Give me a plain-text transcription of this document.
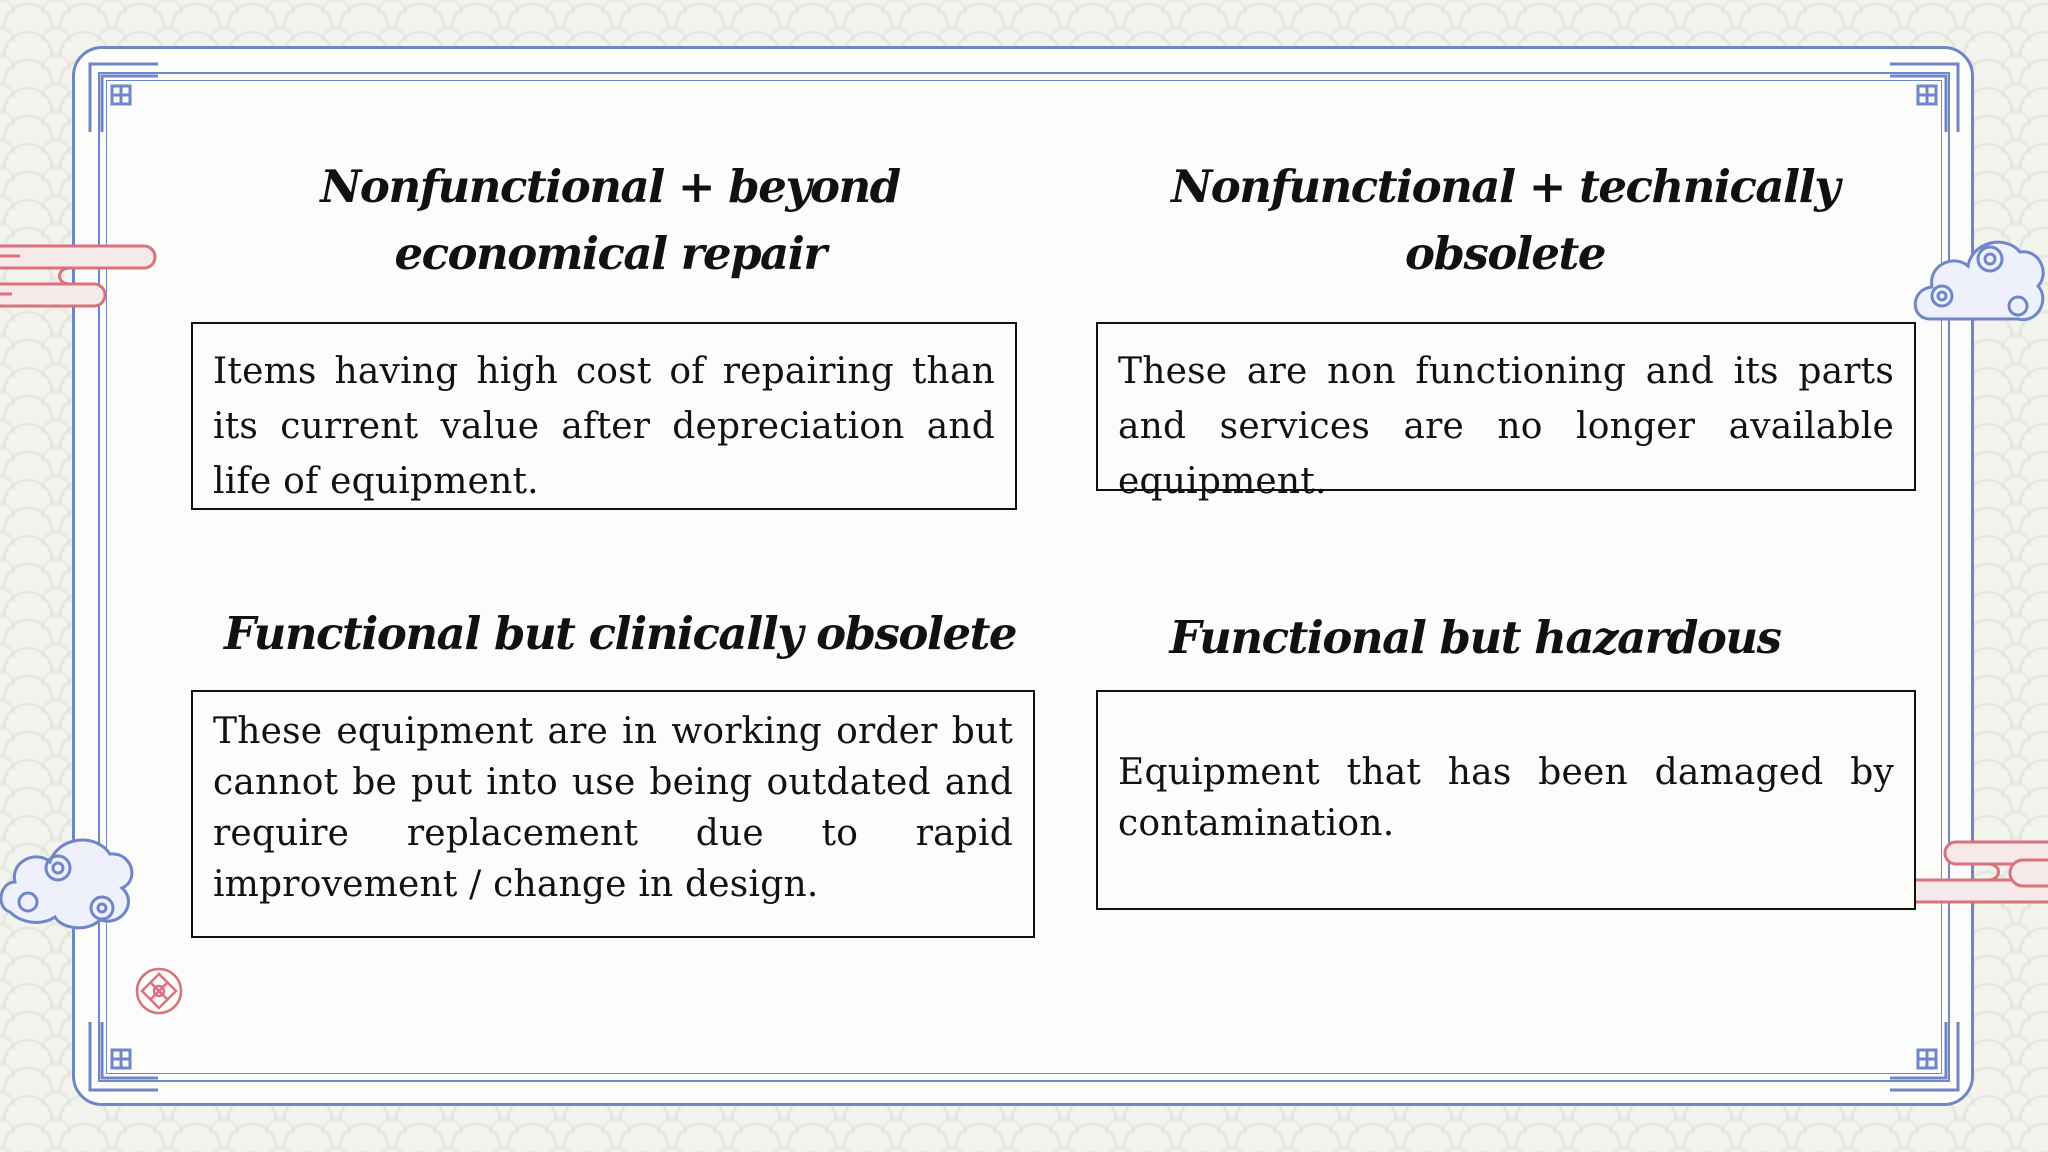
Nonfunctional + beyond economical repair

Items having high cost of repairing than its current value after depreciation and life of equipment.

Nonfunctional + technically obsolete

These are non functioning and its parts and services are no longer available equipment.

Functional but clinically obsolete

These equipment are in working order but cannot be put into use being outdated and require replacement due to rapid improvement / change in design.

Functional but hazardous

Equipment that has been damaged by contamination.
